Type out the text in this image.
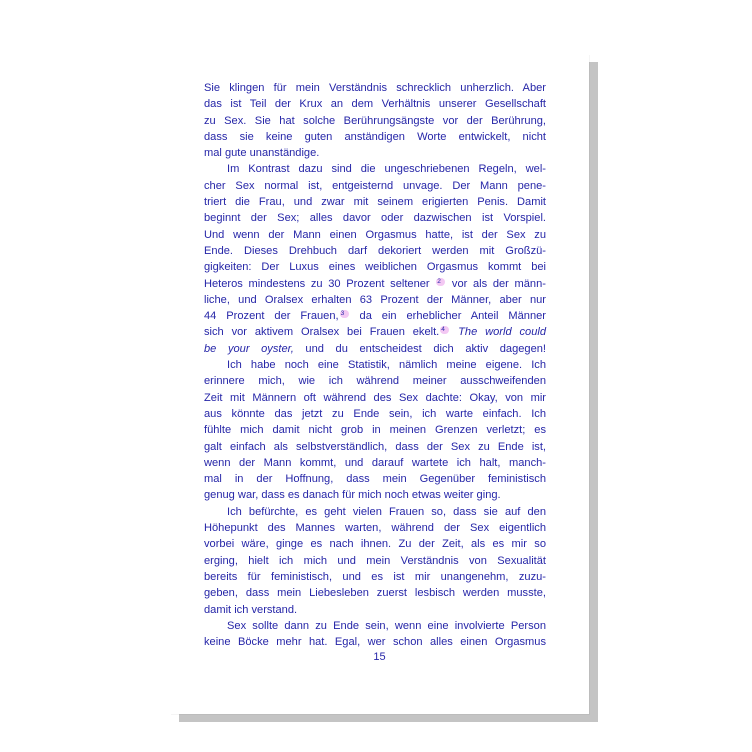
Sie klingen für mein Verständnis schrecklich unherzlich. Aber
das ist Teil der Krux an dem Verhältnis unserer Gesellschaft
zu Sex. Sie hat solche Berührungsängste vor der Berührung,
dass sie keine guten anständigen Worte entwickelt, nicht
mal gute unanständige.
Im Kontrast dazu sind die ungeschriebenen Regeln, wel-
cher Sex normal ist, entgeisternd unvage. Der Mann pene-
triert die Frau, und zwar mit seinem erigierten Penis. Damit
beginnt der Sex; alles davor oder dazwischen ist Vorspiel.
Und wenn der Mann einen Orgasmus hatte, ist der Sex zu
Ende. Dieses Drehbuch darf dekoriert werden mit Großzü-
gigkeiten: Der Luxus eines weiblichen Orgasmus kommt bei
Heteros mindestens zu 30 Prozent seltener 2 vor als der männ-
liche, und Oralsex erhalten 63 Prozent der Männer, aber nur
44 Prozent der Frauen, 3 da ein erheblicher Anteil Männer
sich vor aktivem Oralsex bei Frauen ekelt. 4 The world could
be your oyster, und du entscheidest dich aktiv dagegen!
Ich habe noch eine Statistik, nämlich meine eigene. Ich
erinnere mich, wie ich während meiner ausschweifenden
Zeit mit Männern oft während des Sex dachte: Okay, von mir
aus könnte das jetzt zu Ende sein, ich warte einfach. Ich
fühlte mich damit nicht grob in meinen Grenzen verletzt; es
galt einfach als selbstverständlich, dass der Sex zu Ende ist,
wenn der Mann kommt, und darauf wartete ich halt, manch-
mal in der Hoffnung, dass mein Gegenüber feministisch
genug war, dass es danach für mich noch etwas weiter ging.
Ich befürchte, es geht vielen Frauen so, dass sie auf den
Höhepunkt des Mannes warten, während der Sex eigentlich
vorbei wäre, ginge es nach ihnen. Zu der Zeit, als es mir so
erging, hielt ich mich und mein Verständnis von Sexualität
bereits für feministisch, und es ist mir unangenehm, zuzu-
geben, dass mein Liebesleben zuerst lesbisch werden musste,
damit ich verstand.
Sex sollte dann zu Ende sein, wenn eine involvierte Person
keine Böcke mehr hat. Egal, wer schon alles einen Orgasmus
15
